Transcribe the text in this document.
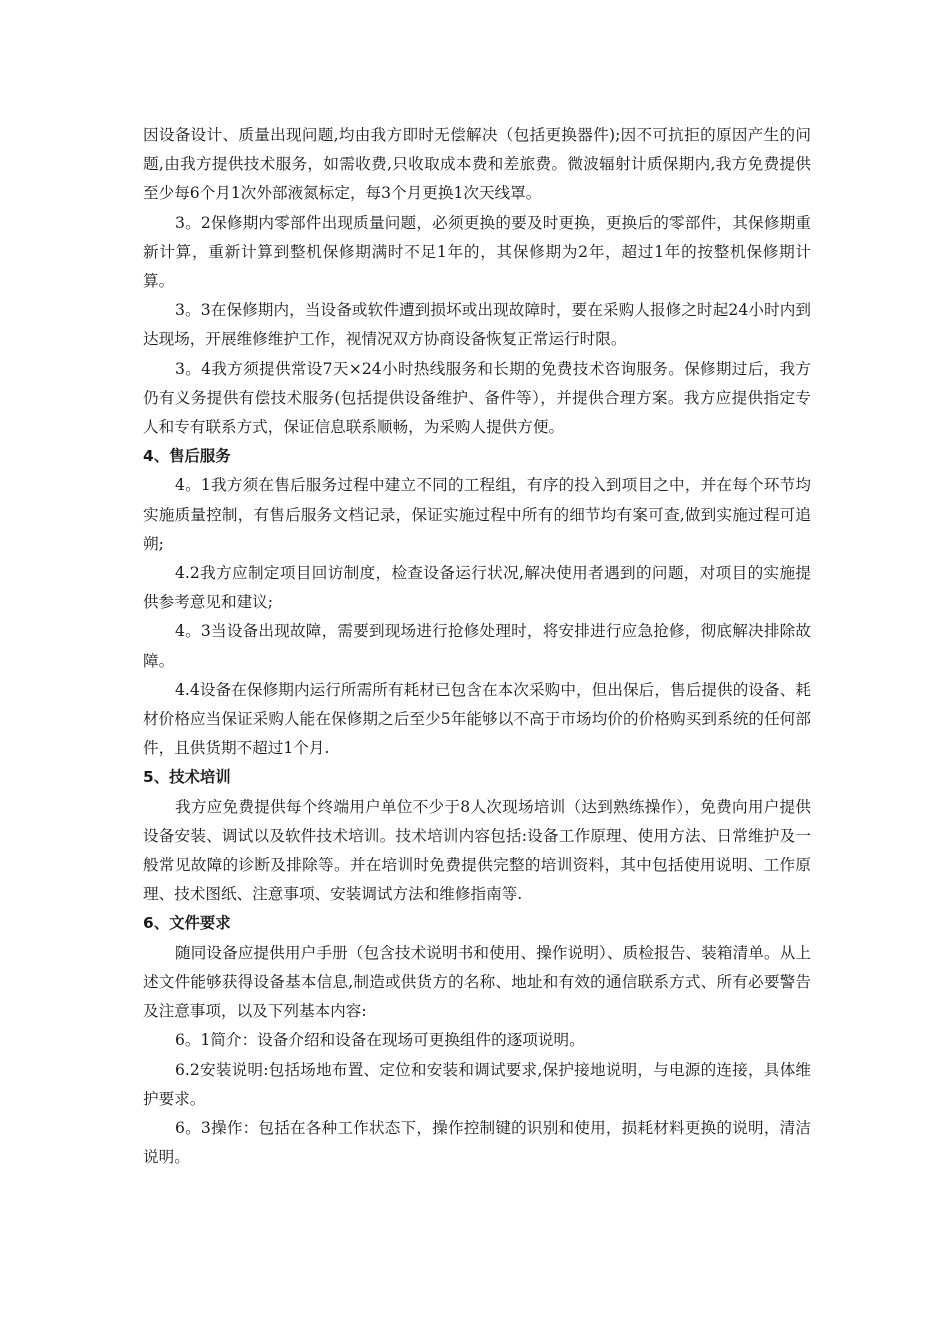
因设备设计、质量出现问题,均由我方即时无偿解决（包括更换器件);因不可抗拒的原因产生的问题,由我方提供技术服务，如需收费,只收取成本费和差旅费。微波辐射计质保期内,我方免费提供至少每6个月1次外部液氮标定，每3个月更换1次天线罩。

3。2保修期内零部件出现质量问题，必须更换的要及时更换，更换后的零部件，其保修期重新计算，重新计算到整机保修期满时不足1年的，其保修期为2年，超过1年的按整机保修期计算。

3。3在保修期内，当设备或软件遭到损坏或出现故障时，要在采购人报修之时起24小时内到达现场，开展维修维护工作，视情况双方协商设备恢复正常运行时限。

3。4我方须提供常设7天×24小时热线服务和长期的免费技术咨询服务。保修期过后，我方仍有义务提供有偿技术服务(包括提供设备维护、备件等），并提供合理方案。我方应提供指定专人和专有联系方式，保证信息联系顺畅，为采购人提供方便。

4、售后服务

4。1我方须在售后服务过程中建立不同的工程组，有序的投入到项目之中，并在每个环节均实施质量控制，有售后服务文档记录，保证实施过程中所有的细节均有案可查,做到实施过程可追朔;

4.2我方应制定项目回访制度，检查设备运行状况,解决使用者遇到的问题，对项目的实施提供参考意见和建议;

4。3当设备出现故障，需要到现场进行抢修处理时，将安排进行应急抢修，彻底解决排除故障。

4.4设备在保修期内运行所需所有耗材已包含在本次采购中，但出保后，售后提供的设备、耗材价格应当保证采购人能在保修期之后至少5年能够以不高于市场均价的价格购买到系统的任何部件，且供货期不超过1个月.

5、技术培训

我方应免费提供每个终端用户单位不少于8人次现场培训（达到熟练操作），免费向用户提供设备安装、调试以及软件技术培训。技术培训内容包括:设备工作原理、使用方法、日常维护及一般常见故障的诊断及排除等。并在培训时免费提供完整的培训资料，其中包括使用说明、工作原理、技术图纸、注意事项、安装调试方法和维修指南等.

6、文件要求

随同设备应提供用户手册（包含技术说明书和使用、操作说明）、质检报告、装箱清单。从上述文件能够获得设备基本信息,制造或供货方的名称、地址和有效的通信联系方式、所有必要警告及注意事项，以及下列基本内容:

6。1简介：设备介绍和设备在现场可更换组件的逐项说明。

6.2安装说明:包括场地布置、定位和安装和调试要求,保护接地说明，与电源的连接，具体维护要求。

6。3操作：包括在各种工作状态下，操作控制键的识别和使用，损耗材料更换的说明，清洁说明。
